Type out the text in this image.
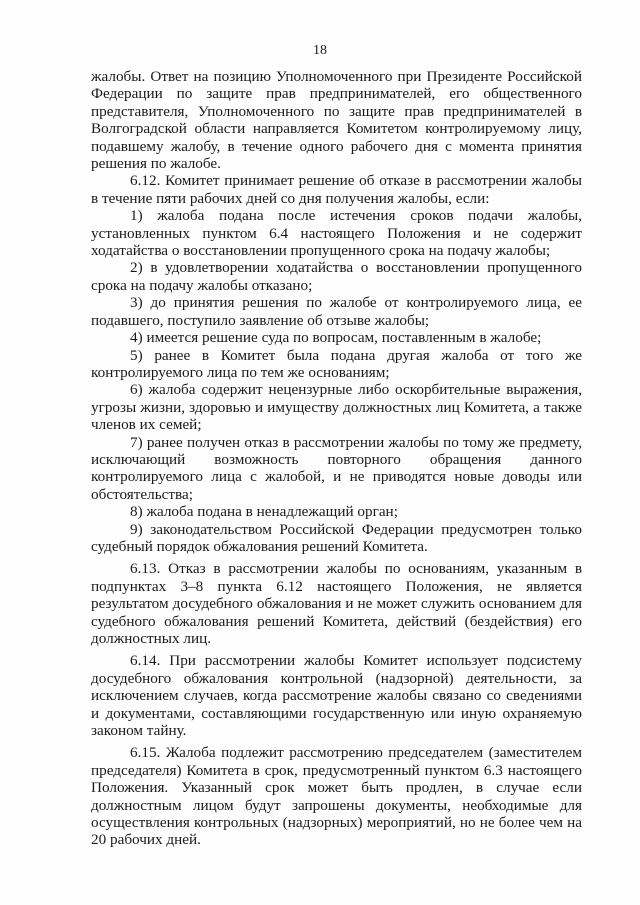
18

жалобы. Ответ на позицию Уполномоченного при Президенте Российской Федерации по защите прав предпринимателей, его общественного представителя, Уполномоченного по защите прав предпринимателей в Волгоградской области направляется Комитетом контролируемому лицу, подавшему жалобу, в течение одного рабочего дня с момента принятия решения по жалобе.

6.12. Комитет принимает решение об отказе в рассмотрении жалобы в течение пяти рабочих дней со дня получения жалобы, если:

1) жалоба подана после истечения сроков подачи жалобы, установленных пунктом 6.4 настоящего Положения и не содержит ходатайства о восстановлении пропущенного срока на подачу жалобы;

2) в удовлетворении ходатайства о восстановлении пропущенного срока на подачу жалобы отказано;

3) до принятия решения по жалобе от контролируемого лица, ее подавшего, поступило заявление об отзыве жалобы;

4) имеется решение суда по вопросам, поставленным в жалобе;

5) ранее в Комитет была подана другая жалоба от того же контролируемого лица по тем же основаниям;

6) жалоба содержит нецензурные либо оскорбительные выражения, угрозы жизни, здоровью и имуществу должностных лиц Комитета, а также членов их семей;

7) ранее получен отказ в рассмотрении жалобы по тому же предмету, исключающий возможность повторного обращения данного контролируемого лица с жалобой, и не приводятся новые доводы или обстоятельства;

8) жалоба подана в ненадлежащий орган;

9) законодательством Российской Федерации предусмотрен только судебный порядок обжалования решений Комитета.

6.13. Отказ в рассмотрении жалобы по основаниям, указанным в подпунктах 3–8 пункта 6.12 настоящего Положения, не является результатом досудебного обжалования и не может служить основанием для судебного обжалования решений Комитета, действий (бездействия) его должностных лиц.

6.14. При рассмотрении жалобы Комитет использует подсистему досудебного обжалования контрольной (надзорной) деятельности, за исключением случаев, когда рассмотрение жалобы связано со сведениями и документами, составляющими государственную или иную охраняемую законом тайну.

6.15. Жалоба подлежит рассмотрению председателем (заместителем председателя) Комитета в срок, предусмотренный пунктом 6.3 настоящего Положения. Указанный срок может быть продлен, в случае если должностным лицом будут запрошены документы, необходимые для осуществления контрольных (надзорных) мероприятий, но не более чем на 20 рабочих дней.
